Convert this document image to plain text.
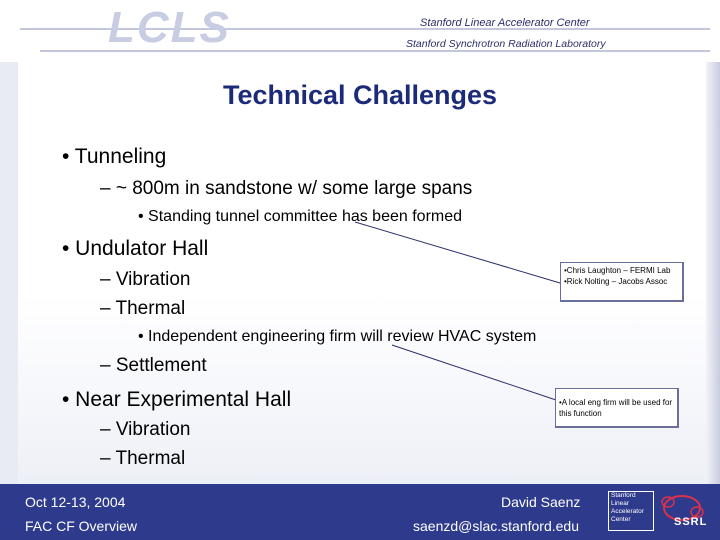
LCLS	Stanford Linear Accelerator Center
Stanford Synchrotron Radiation Laboratory
Technical Challenges
• Tunneling
– ~ 800m in sandstone w/ some large spans
• Standing tunnel committee has been formed
• Undulator Hall
– Vibration
– Thermal
• Independent engineering firm will review HVAC system
– Settlement
• Near Experimental Hall
– Vibration
– Thermal
•Chris Laughton – FERMI Lab
•Rick Nolting – Jacobs Assoc
•A local eng firm will be used for this function
Oct 12-13, 2004
FAC CF Overview
David Saenz
saenzd@slac.stanford.edu
Stanford
Linear
Accelerator
Center	SSRL
